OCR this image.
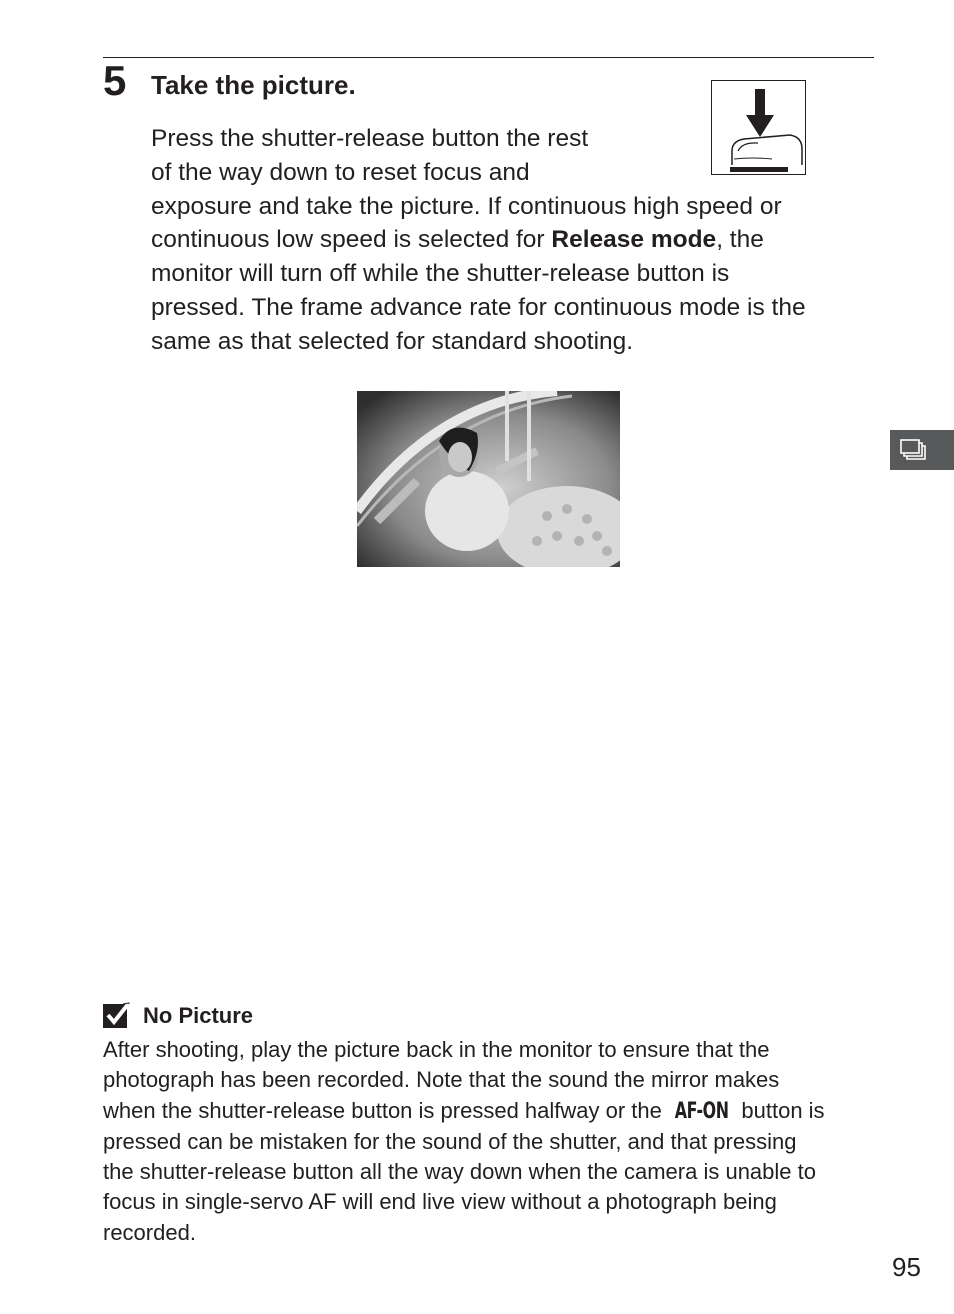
5 Take the picture.
Press the shutter-release button the rest
of the way down to reset focus and
exposure and take the picture. If continuous high speed or
continuous low speed is selected for Release mode, the
monitor will turn off while the shutter-release button is
pressed. The frame advance rate for continuous mode is the
same as that selected for standard shooting.
No Picture
After shooting, play the picture back in the monitor to ensure that the
photograph has been recorded. Note that the sound the mirror makes
when the shutter-release button is pressed halfway or the AF-ON button is
pressed can be mistaken for the sound of the shutter, and that pressing
the shutter-release button all the way down when the camera is unable to
focus in single-servo AF will end live view without a photograph being
recorded.
95
